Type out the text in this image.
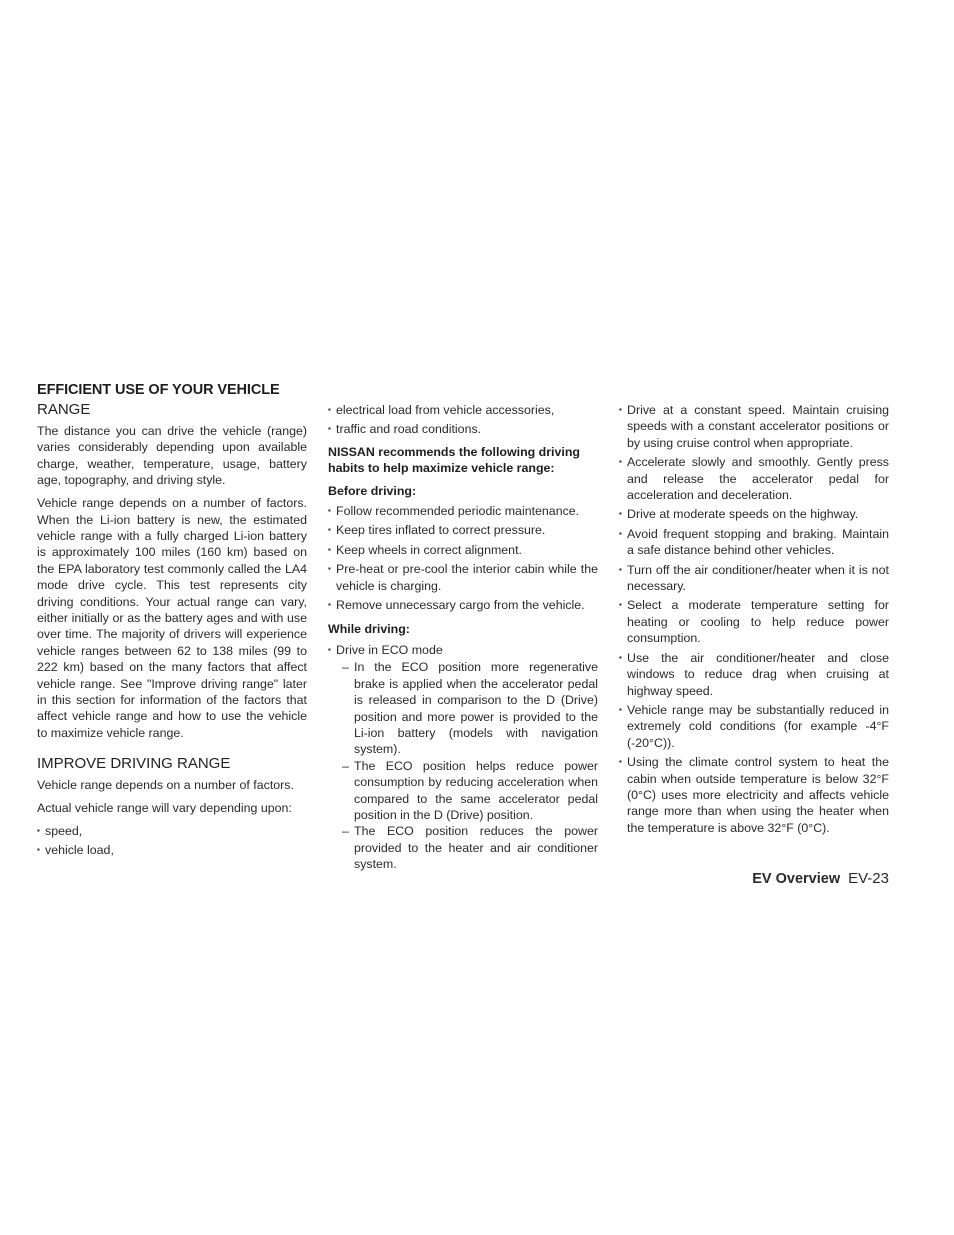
EFFICIENT USE OF YOUR VEHICLE
RANGE

The distance you can drive the vehicle (range) varies considerably depending upon available charge, weather, temperature, usage, battery age, topography, and driving style.

Vehicle range depends on a number of factors. When the Li-ion battery is new, the estimated vehicle range with a fully charged Li-ion battery is approximately 100 miles (160 km) based on the EPA laboratory test commonly called the LA4 mode drive cycle. This test represents city driving conditions. Your actual range can vary, either initially or as the battery ages and with use over time. The majority of drivers will experience vehicle ranges between 62 to 138 miles (99 to 222 km) based on the many factors that affect vehicle range. See "Improve driving range" later in this section for information of the factors that affect vehicle range and how to use the vehicle to maximize vehicle range.

IMPROVE DRIVING RANGE

Vehicle range depends on a number of factors.

Actual vehicle range will vary depending upon:

▪ speed,
▪ vehicle load,
▪ electrical load from vehicle accessories,
▪ traffic and road conditions.

NISSAN recommends the following driving habits to help maximize vehicle range:

Before driving:

▪ Follow recommended periodic maintenance.
▪ Keep tires inflated to correct pressure.
▪ Keep wheels in correct alignment.
▪ Pre-heat or pre-cool the interior cabin while the vehicle is charging.
▪ Remove unnecessary cargo from the vehicle.

While driving:

▪ Drive in ECO mode
– In the ECO position more regenerative brake is applied when the accelerator pedal is released in comparison to the D (Drive) position and more power is provided to the Li-ion battery (models with navigation system).
– The ECO position helps reduce power consumption by reducing acceleration when compared to the same accelerator pedal position in the D (Drive) position.
– The ECO position reduces the power provided to the heater and air conditioner system.
▪ Drive at a constant speed. Maintain cruising speeds with a constant accelerator positions or by using cruise control when appropriate.
▪ Accelerate slowly and smoothly. Gently press and release the accelerator pedal for acceleration and deceleration.
▪ Drive at moderate speeds on the highway.
▪ Avoid frequent stopping and braking. Maintain a safe distance behind other vehicles.
▪ Turn off the air conditioner/heater when it is not necessary.
▪ Select a moderate temperature setting for heating or cooling to help reduce power consumption.
▪ Use the air conditioner/heater and close windows to reduce drag when cruising at highway speed.
▪ Vehicle range may be substantially reduced in extremely cold conditions (for example -4°F (-20°C)).
▪ Using the climate control system to heat the cabin when outside temperature is below 32°F (0°C) uses more electricity and affects vehicle range more than when using the heater when the temperature is above 32°F (0°C).
EV Overview EV-23
